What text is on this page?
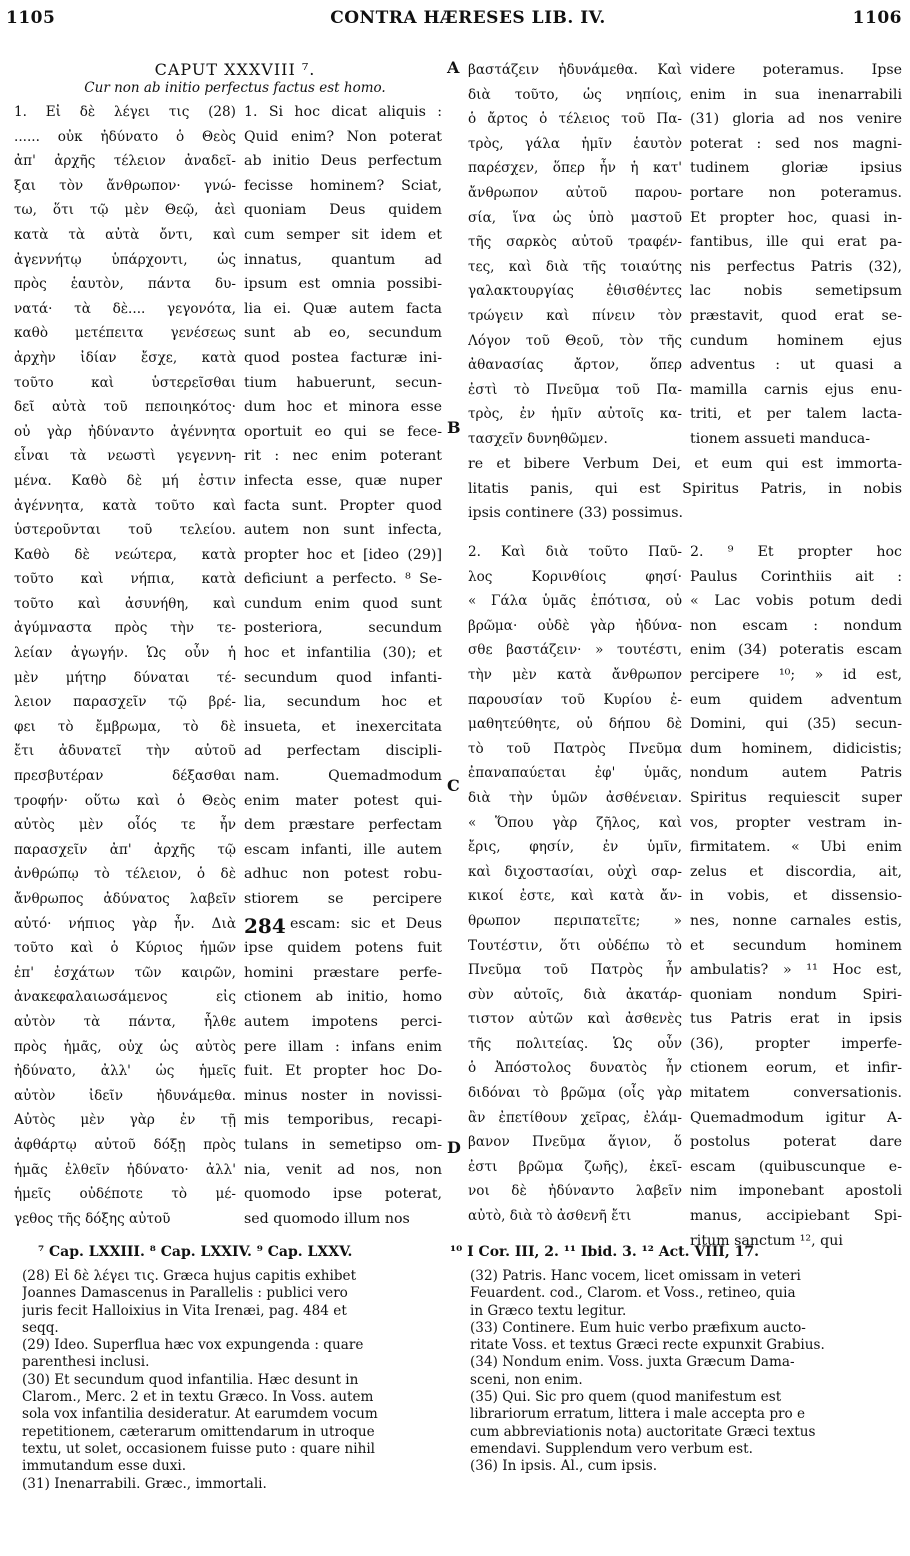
1105	CONTRA HÆRESES LIB. IV.	1106
CAPUT XXXVIII ⁷.
Cur non ab initio perfectus factus est homo.
A
B
C
D
1. Εἰ δὲ λέγει τις (28)
...... οὐκ ἠδύνατο ὁ Θεὸς
ἀπ' ἀρχῆς τέλειον ἀναδεῖ-
ξαι τὸν ἄνθρωπον· γνώ-
τω, ὅτι τῷ μὲν Θεῷ, ἀεὶ
κατὰ τὰ αὐτὰ ὄντι, καὶ
ἀγεννήτῳ ὑπάρχοντι, ὡς
πρὸς ἑαυτὸν, πάντα δυ-
νατά· τὰ δὲ.... γεγονότα,
καθὸ μετέπειτα γενέσεως
ἀρχὴν ἰδίαν ἔσχε, κατὰ
τοῦτο καὶ ὑστερεῖσθαι
δεῖ αὐτὰ τοῦ πεποιηκότος·
οὐ γὰρ ἠδύναντο ἀγέννητα
εἶναι τὰ νεωστὶ γεγεννη-
μένα. Καθὸ δὲ μή ἐστιν
ἀγέννητα, κατὰ τοῦτο καὶ
ὑστεροῦνται τοῦ τελείου.
Καθὸ δὲ νεώτερα, κατὰ
τοῦτο καὶ νήπια, κατὰ
τοῦτο καὶ ἀσυνήθη, καὶ
ἀγύμναστα πρὸς τὴν τε-
λείαν ἀγωγήν. Ὡς οὖν ἡ
μὲν μήτηρ δύναται τέ-
λειον παρασχεῖν τῷ βρέ-
φει τὸ ἔμβρωμα, τὸ δὲ
ἔτι ἀδυνατεῖ τὴν αὐτοῦ
πρεσβυτέραν δέξασθαι
τροφήν· οὕτω καὶ ὁ Θεὸς
αὐτὸς μὲν οἷός τε ἦν
παρασχεῖν ἀπ' ἀρχῆς τῷ
ἀνθρώπῳ τὸ τέλειον, ὁ δὲ
ἄνθρωπος ἀδύνατος λαβεῖν
αὐτό· νήπιος γὰρ ἦν. Διὰ
τοῦτο καὶ ὁ Κύριος ἡμῶν
ἐπ' ἐσχάτων τῶν καιρῶν,
ἀνακεφαλαιωσάμενος εἰς
αὐτὸν τὰ πάντα, ἦλθε
πρὸς ἡμᾶς, οὐχ ὡς αὐτὸς
ἠδύνατο, ἀλλ' ὡς ἡμεῖς
αὐτὸν ἰδεῖν ἠδυνάμεθα.
Αὐτὸς μὲν γὰρ ἐν τῇ
ἀφθάρτῳ αὐτοῦ δόξῃ πρὸς
ἡμᾶς ἐλθεῖν ἠδύνατο· ἀλλ'
ἡμεῖς οὐδέποτε τὸ μέ-
γεθος τῆς δόξης αὐτοῦ
1. Si hoc dicat aliquis :
Quid enim? Non poterat
ab initio Deus perfectum
fecisse hominem? Sciat,
quoniam Deus quidem
cum semper sit idem et
innatus, quantum ad
ipsum est omnia possibi-
lia ei. Quæ autem facta
sunt ab eo, secundum
quod postea facturæ ini-
tium habuerunt, secun-
dum hoc et minora esse
oportuit eo qui se fece-
rit : nec enim poterant
infecta esse, quæ nuper
facta sunt. Propter quod
autem non sunt infecta,
propter hoc et [ideo (29)]
deficiunt a perfecto. ⁸ Se-
cundum enim quod sunt
posteriora, secundum
hoc et infantilia (30); et
secundum quod infanti-
lia, secundum hoc et
insueta, et inexercitata
ad perfectam discipli-
nam. Quemadmodum
enim mater potest qui-
dem præstare perfectam
escam infanti, ille autem
adhuc non potest robu-
stiorem se percipere
escam: sic et Deus
ipse quidem potens fuit
homini præstare perfe-
ctionem ab initio, homo
autem impotens perci-
pere illam : infans enim
fuit. Et propter hoc Do-
minus noster in novissi-
mis temporibus, recapi-
tulans in semetipso om-
nia, venit ad nos, non
quomodo ipse poterat,
sed quomodo illum nos
βαστάζειν ἠδυνάμεθα. Καὶ
διὰ τοῦτο, ὡς νηπίοις,
ὁ ἄρτος ὁ τέλειος τοῦ Πα-
τρὸς, γάλα ἡμῖν ἑαυτὸν
παρέσχεν, ὅπερ ἦν ἡ κατ'
ἄνθρωπον αὐτοῦ παρου-
σία, ἵνα ὡς ὑπὸ μαστοῦ
τῆς σαρκὸς αὐτοῦ τραφέν-
τες, καὶ διὰ τῆς τοιαύτης
γαλακτουργίας ἐθισθέντες
τρώγειν καὶ πίνειν τὸν
Λόγον τοῦ Θεοῦ, τὸν τῆς
ἀθανασίας ἄρτον, ὅπερ
ἐστὶ τὸ Πνεῦμα τοῦ Πα-
τρὸς, ἐν ἡμῖν αὐτοῖς κα-
τασχεῖν δυνηθῶμεν.
videre poteramus. Ipse
enim in sua inenarrabili
(31) gloria ad nos venire
poterat : sed nos magni-
tudinem gloriæ ipsius
portare non poteramus.
Et propter hoc, quasi in-
fantibus, ille qui erat pa-
nis perfectus Patris (32),
lac nobis semetipsum
præstavit, quod erat se-
cundum hominem ejus
adventus : ut quasi a
mamilla carnis ejus enu-
triti, et per talem lacta-
tionem assueti manduca-
re et bibere Verbum Dei, et eum qui est immorta-
litatis panis, qui est Spiritus Patris, in nobis
ipsis continere (33) possimus.
2. Καὶ διὰ τοῦτο Παῦ-
λος Κορινθίοις φησί·
« Γάλα ὑμᾶς ἐπότισα, οὐ
βρῶμα· οὐδὲ γὰρ ἠδύνα-
σθε βαστάζειν· » τουτέστι,
τὴν μὲν κατὰ ἄνθρωπον
παρουσίαν τοῦ Κυρίου ἐ-
μαθητεύθητε, οὐ δήπου δὲ
τὸ τοῦ Πατρὸς Πνεῦμα
ἐπαναπαύεται ἐφ' ὑμᾶς,
διὰ τὴν ὑμῶν ἀσθένειαν.
« Ὅπου γὰρ ζῆλος, καὶ
ἔρις, φησίν, ἐν ὑμῖν,
καὶ διχοστασίαι, οὐχὶ σαρ-
κικοί ἐστε, καὶ κατὰ ἄν-
θρωπον περιπατεῖτε; »
Τουτέστιν, ὅτι οὐδέπω τὸ
Πνεῦμα τοῦ Πατρὸς ἦν
σὺν αὐτοῖς, διὰ ἀκατάρ-
τιστον αὐτῶν καὶ ἀσθενὲς
τῆς πολιτείας. Ὡς οὖν
ὁ Ἀπόστολος δυνατὸς ἦν
διδόναι τὸ βρῶμα (οἷς γὰρ
ἂν ἐπετίθουν χεῖρας, ἐλάμ-
βανον Πνεῦμα ἅγιον, ὅ
ἐστι βρῶμα ζωῆς), ἐκεῖ-
νοι δὲ ἠδύναντο λαβεῖν
αὐτὸ, διὰ τὸ ἀσθενῆ ἔτι
2. ⁹ Et propter hoc
Paulus Corinthiis ait :
« Lac vobis potum dedi
non escam : nondum
enim (34) poteratis escam
percipere ¹⁰; » id est,
eum quidem adventum
Domini, qui (35) secun-
dum hominem, didicistis;
nondum autem Patris
Spiritus requiescit super
vos, propter vestram in-
firmitatem. « Ubi enim
zelus et discordia, ait,
in vobis, et dissensio-
nes, nonne carnales estis,
et secundum hominem
ambulatis? » ¹¹ Hoc est,
quoniam nondum Spiri-
tus Patris erat in ipsis
(36), propter imperfe-
ctionem eorum, et infir-
mitatem conversationis.
Quemadmodum igitur A-
postolus poterat dare
escam (quibuscunque e-
nim imponebant apostoli
manus, accipiebant Spi-
ritum sanctum ¹², qui
284
⁷ Cap. LXXIII. ⁸ Cap. LXXIV. ⁹ Cap. LXXV.	¹⁰ I Cor. III, 2. ¹¹ Ibid. 3. ¹² Act. VIII, 17.
(28) Εἰ δὲ λέγει τις. Græca hujus capitis exhibet
Joannes Damascenus in Parallelis : publici vero
juris fecit Halloixius in Vita Irenæi, pag. 484 et
seqq.
(29) Ideo. Superflua hæc vox expungenda : quare
parenthesi inclusi.
(30) Et secundum quod infantilia. Hæc desunt in
Clarom., Merc. 2 et in textu Græco. In Voss. autem
sola vox infantilia desideratur. At earumdem vocum
repetitionem, cæterarum omittendarum in utroque
textu, ut solet, occasionem fuisse puto : quare nihil
immutandum esse duxi.
(31) Inenarrabili. Græc., immortali.
(32) Patris. Hanc vocem, licet omissam in veteri
Feuardent. cod., Clarom. et Voss., retineo, quia
in Græco textu legitur.
(33) Continere. Eum huic verbo præfixum aucto-
ritate Voss. et textus Græci recte expunxit Grabius.
(34) Nondum enim. Voss. juxta Græcum Dama-
sceni, non enim.
(35) Qui. Sic pro quem (quod manifestum est
librariorum erratum, littera i male accepta pro e
cum abbreviationis nota) auctoritate Græci textus
emendavi. Supplendum vero verbum est.
(36) In ipsis. Al., cum ipsis.
